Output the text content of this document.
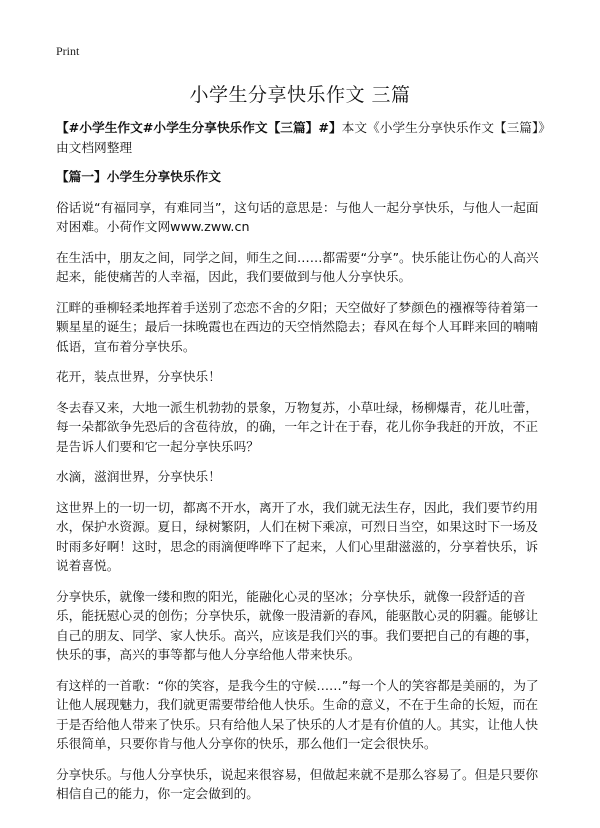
Print
小学生分享快乐作文 三篇

【#小学生作文#小学生分享快乐作文【三篇】#】本文《小学生分享快乐作文【三篇】》由文档网整理

【篇一】小学生分享快乐作文

俗话说“有福同享，有难同当”，这句话的意思是：与他人一起分享快乐，与他人一起面对困难。小荷作文网www.zww.cn

在生活中，朋友之间，同学之间，师生之间……都需要“分享”。快乐能让伤心的人高兴起来，能使痛苦的人幸福，因此，我们要做到与他人分享快乐。

江畔的垂柳轻柔地挥着手送别了恋恋不舍的夕阳；天空做好了梦颜色的襁褓等待着第一颗星星的诞生；最后一抹晚霞也在西边的天空悄然隐去；春风在每个人耳畔来回的喃喃低语，宣布着分享快乐。

花开，装点世界，分享快乐！

冬去春又来，大地一派生机勃勃的景象，万物复苏，小草吐绿，杨柳爆青，花儿吐蕾，每一朵都欲争先恐后的含苞待放，的确，一年之计在于春，花儿你争我赶的开放，不正是告诉人们要和它一起分享快乐吗？

水滴，滋润世界，分享快乐！

这世界上的一切一切，都离不开水，离开了水，我们就无法生存，因此，我们要节约用水，保护水资源。夏日，绿树繁阴，人们在树下乘凉，可烈日当空，如果这时下一场及时雨多好啊！这时，思念的雨滴便哗哗下了起来，人们心里甜滋滋的，分享着快乐，诉说着喜悦。

分享快乐，就像一缕和煦的阳光，能融化心灵的坚冰；分享快乐，就像一段舒适的音乐，能抚慰心灵的创伤；分享快乐，就像一股清新的春风，能驱散心灵的阴霾。能够让自己的朋友、同学、家人快乐。高兴，应该是我们兴的事。我们要把自己的有趣的事，快乐的事，高兴的事等都与他人分享给他人带来快乐。

有这样的一首歌：“你的笑容，是我今生的守候……”每一个人的笑容都是美丽的，为了让他人展现魅力，我们就更需要带给他人快乐。生命的意义，不在于生命的长短，而在于是否给他人带来了快乐。只有给他人呆了快乐的人才是有价值的人。其实，让他人快乐很简单，只要你肯与他人分享你的快乐，那么他们一定会很快乐。

分享快乐。与他人分享快乐，说起来很容易，但做起来就不是那么容易了。但是只要你相信自己的能力，你一定会做到的。
